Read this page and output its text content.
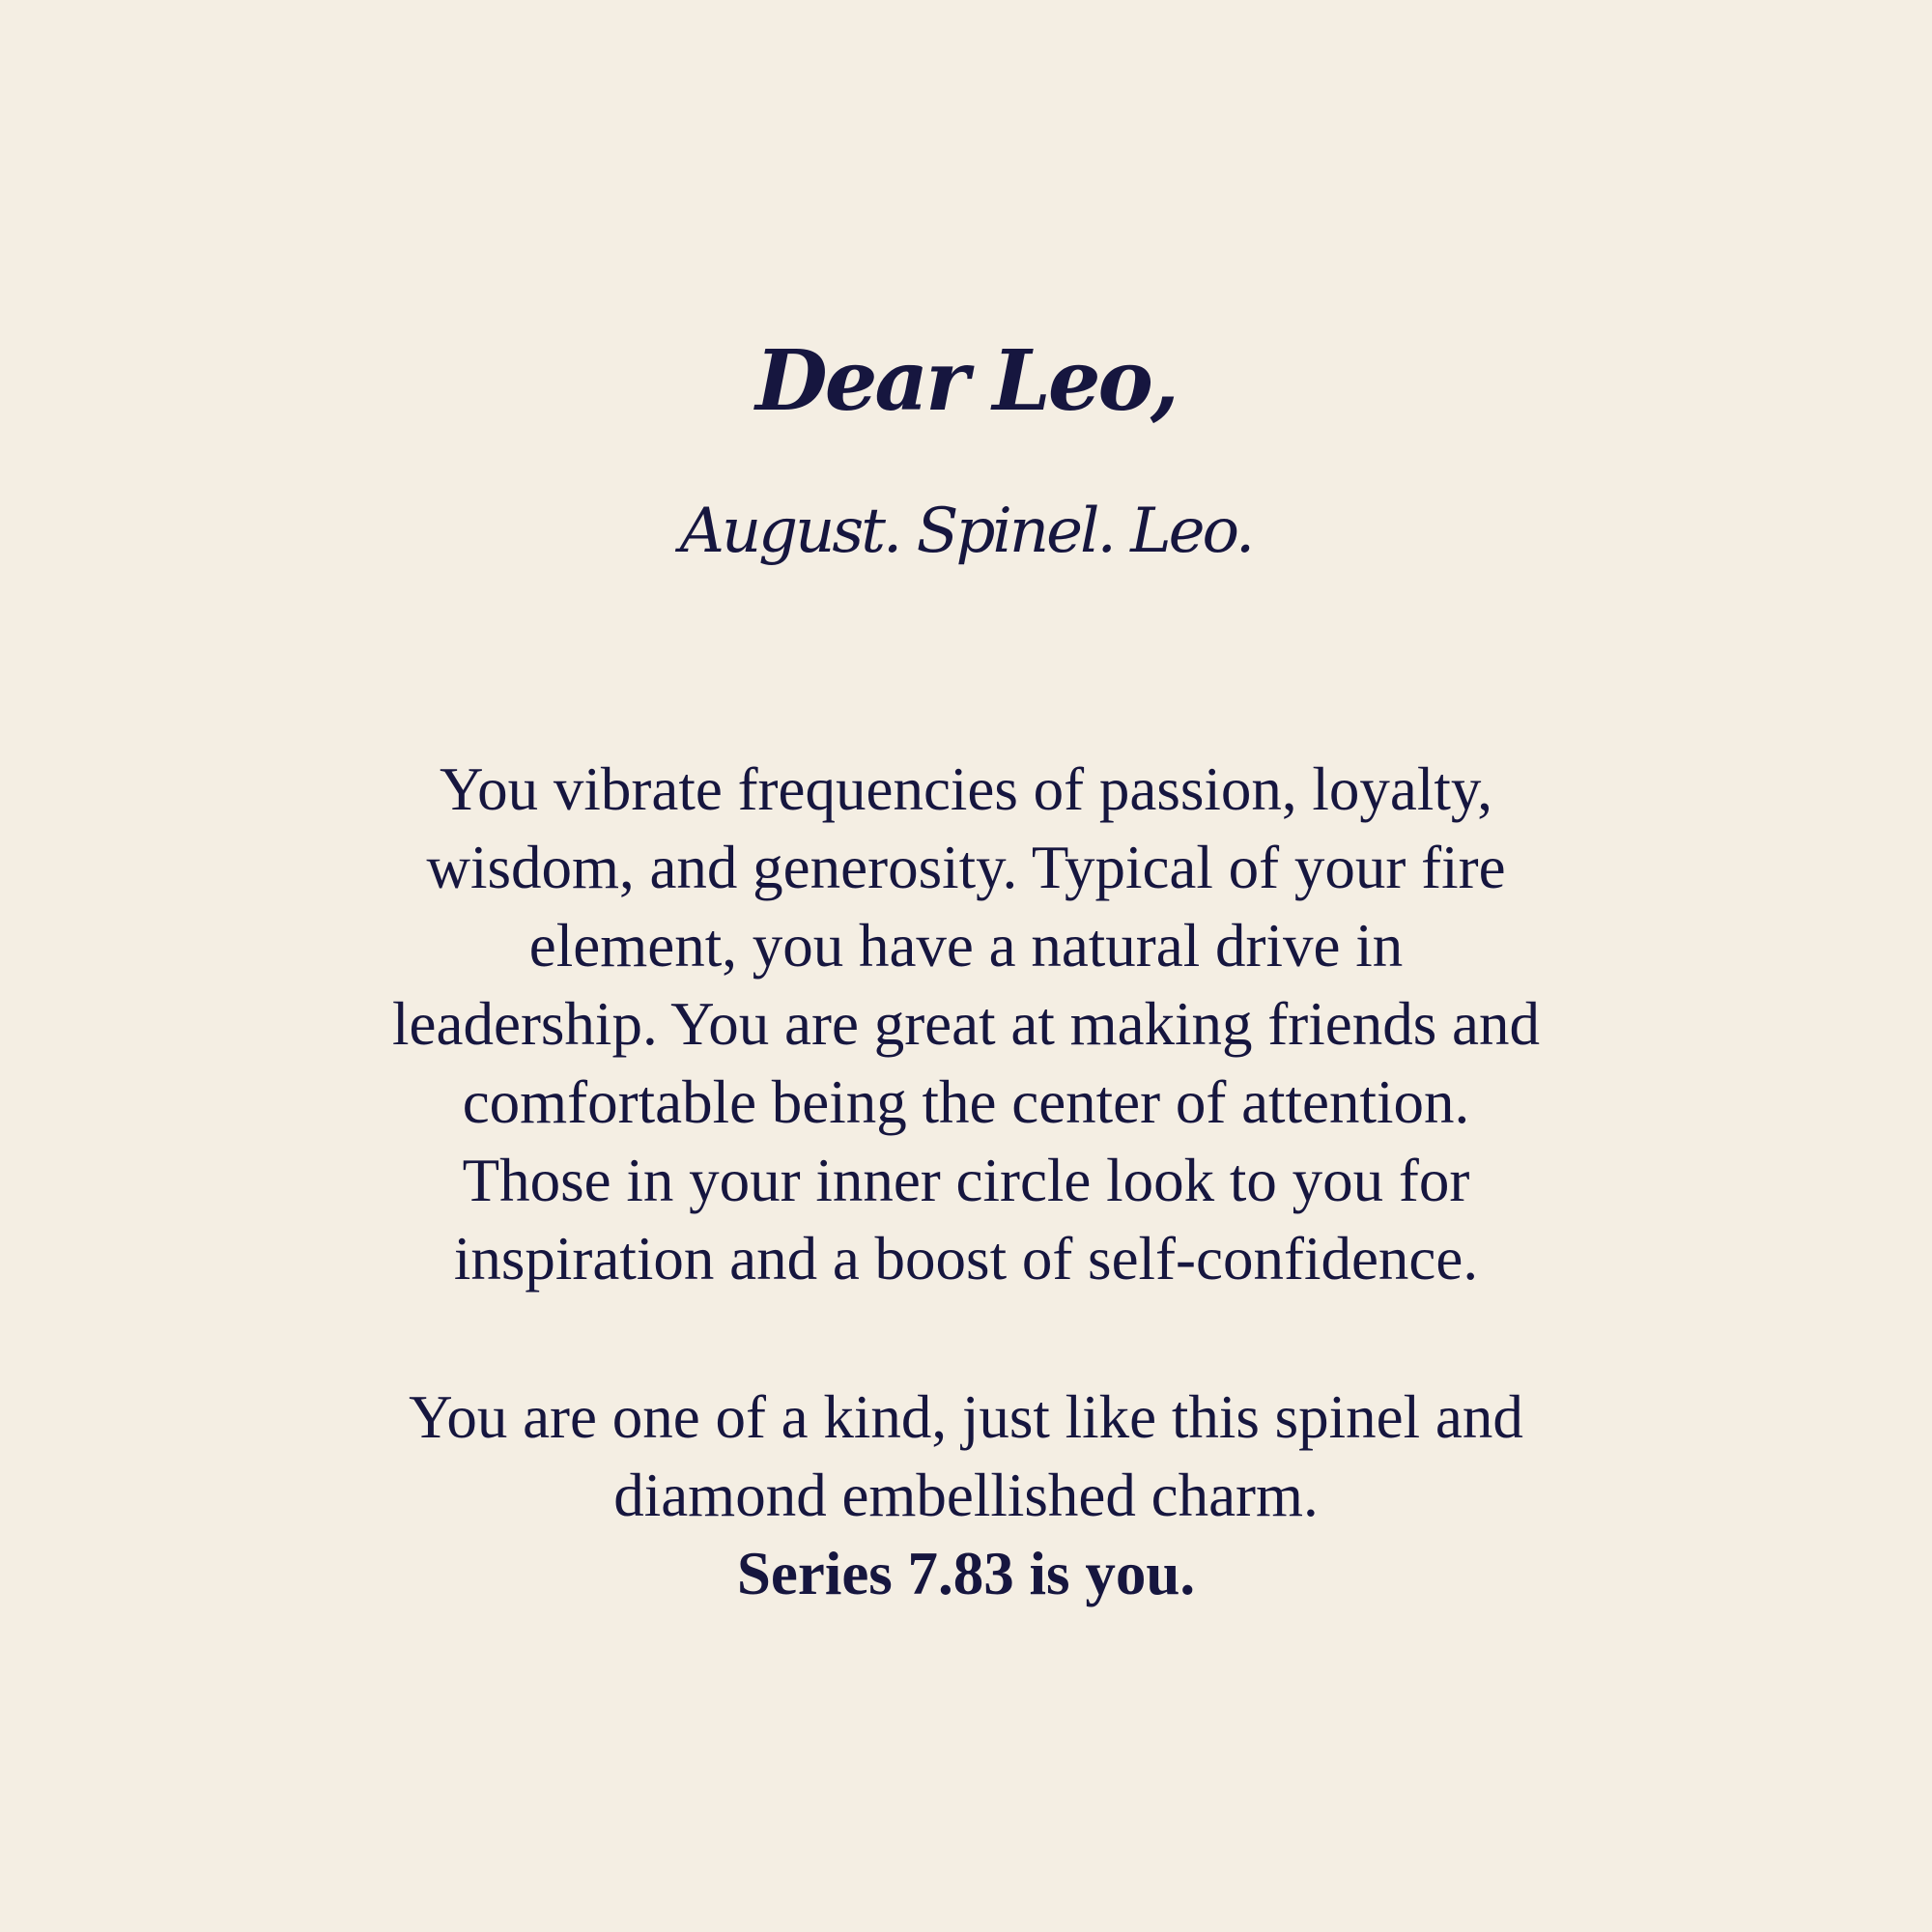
Dear Leo,
August. Spinel. Leo.
You vibrate frequencies of passion, loyalty,
wisdom, and generosity. Typical of your fire
element, you have a natural drive in
leadership. You are great at making friends and
comfortable being the center of attention.
Those in your inner circle look to you for
inspiration and a boost of self-confidence.
You are one of a kind, just like this spinel and
diamond embellished charm.
Series 7.83 is you.
